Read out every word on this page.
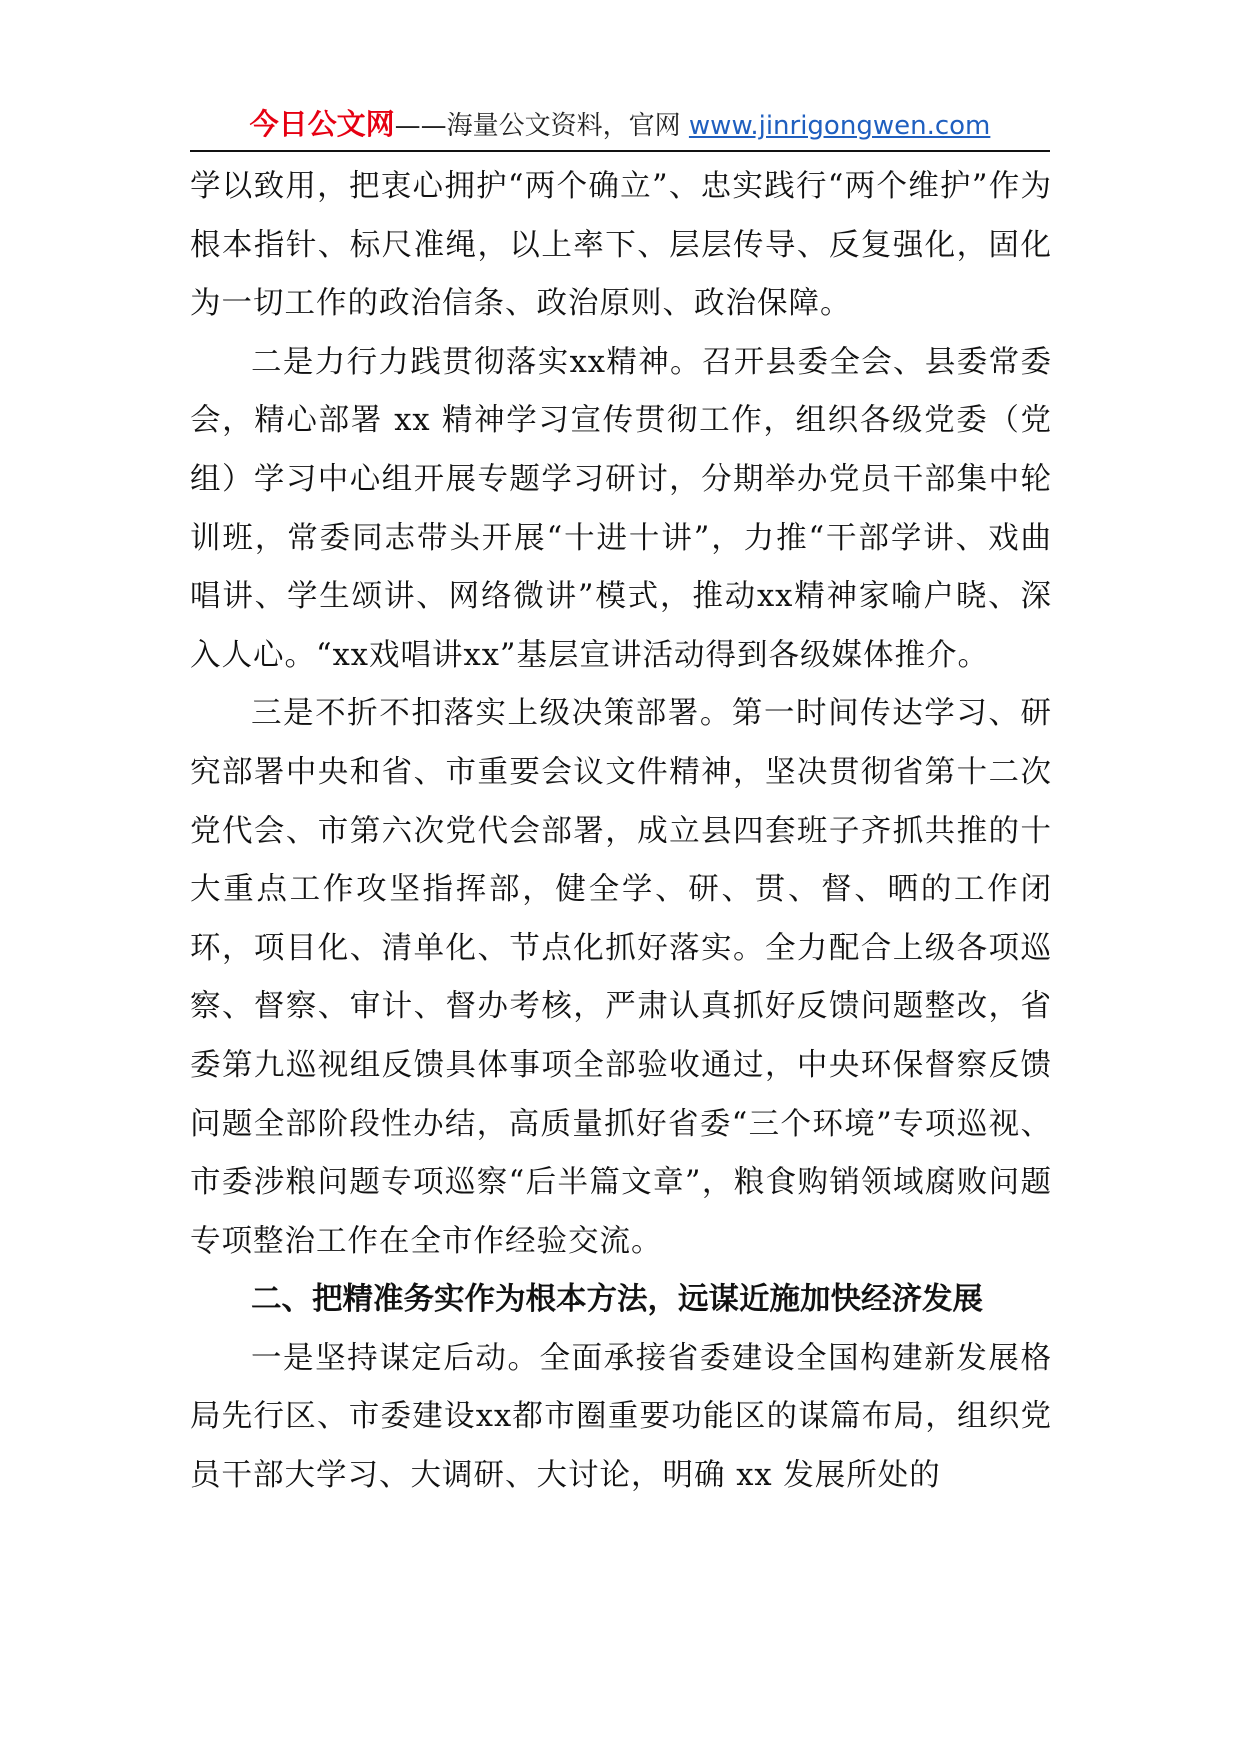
今日公文网——海量公文资料，官网 www.jinrigongwen.com

学以致用，把衷心拥护“两个确立”、忠实践行“两个维护”作为根本指针、标尺准绳，以上率下、层层传导、反复强化，固化为一切工作的政治信条、政治原则、政治保障。

二是力行力践贯彻落实xx精神。召开县委全会、县委常委会，精心部署 xx 精神学习宣传贯彻工作，组织各级党委（党组）学习中心组开展专题学习研讨，分期举办党员干部集中轮训班，常委同志带头开展“十进十讲”，力推“干部学讲、戏曲唱讲、学生颂讲、网络微讲”模式，推动xx精神家喻户晓、深入人心。“xx戏唱讲xx”基层宣讲活动得到各级媒体推介。

三是不折不扣落实上级决策部署。第一时间传达学习、研究部署中央和省、市重要会议文件精神，坚决贯彻省第十二次党代会、市第六次党代会部署，成立县四套班子齐抓共推的十大重点工作攻坚指挥部，健全学、研、贯、督、晒的工作闭环，项目化、清单化、节点化抓好落实。全力配合上级各项巡察、督察、审计、督办考核，严肃认真抓好反馈问题整改，省委第九巡视组反馈具体事项全部验收通过，中央环保督察反馈问题全部阶段性办结，高质量抓好省委“三个环境”专项巡视、市委涉粮问题专项巡察“后半篇文章”，粮食购销领域腐败问题专项整治工作在全市作经验交流。

二、把精准务实作为根本方法，远谋近施加快经济发展

一是坚持谋定后动。全面承接省委建设全国构建新发展格局先行区、市委建设xx都市圈重要功能区的谋篇布局，组织党员干部大学习、大调研、大讨论，明确 xx 发展所处的
